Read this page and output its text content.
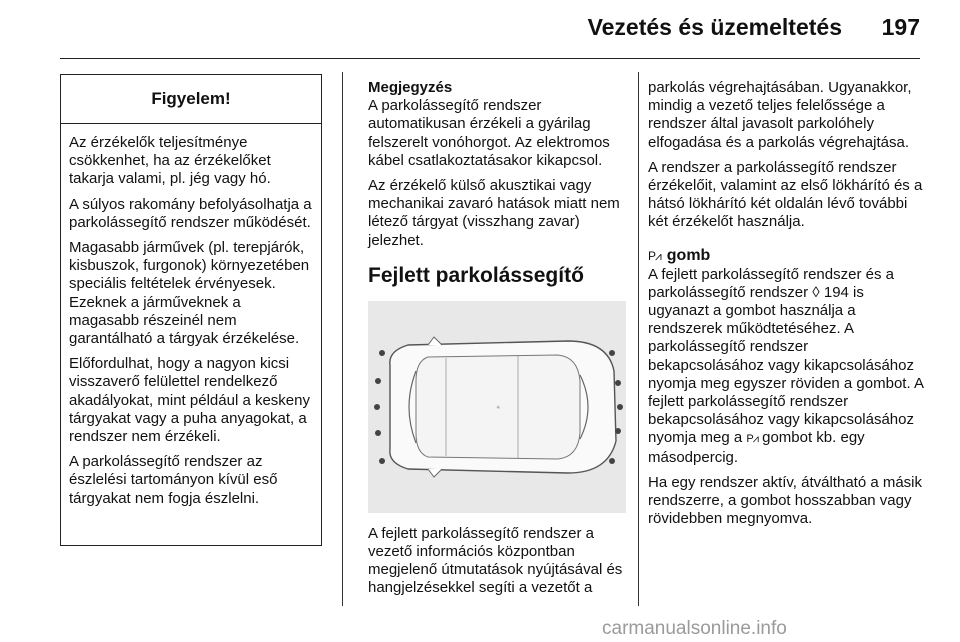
Vezetés és üzemeltetés 197
Figyelem!

Az érzékelők teljesítménye csökkenhet, ha az érzékelőket takarja valami, pl. jég vagy hó.

A súlyos rakomány befolyásolhatja a parkolássegítő rendszer működését.

Magasabb járművek (pl. terepjárók, kisbuszok, furgonok) környezetében speciális feltételek érvényesek. Ezeknek a járműveknek a magasabb részeinél nem garantálható a tárgyak érzékelése.

Előfordulhat, hogy a nagyon kicsi visszaverő felülettel rendelkező akadályokat, mint például a keskeny tárgyakat vagy a puha anyagokat, a rendszer nem érzékeli.

A parkolássegítő rendszer az észlelési tartományon kívül eső tárgyakat nem fogja észlelni.

Megjegyzés

A parkolássegítő rendszer automatikusan érzékeli a gyárilag felszerelt vonóhorgot. Az elektromos kábel csatlakoztatásakor kikapcsol.

Az érzékelő külső akusztikai vagy mechanikai zavaró hatások miatt nem létező tárgyat (visszhang zavar) jelezhet.

Fejlett parkolássegítő
✳

A fejlett parkolássegítő rendszer a vezető információs központban megjelenő útmutatások nyújtásával és hangjelzésekkel segíti a vezetőt a

parkolás végrehajtásában. Ugyanakkor, mindig a vezető teljes felelőssége a rendszer által javasolt parkolóhely elfogadása és a parkolás végrehajtása.

A rendszer a parkolássegítő rendszer érzékelőit, valamint az első lökhárító és a hátsó lökhárító két oldalán lévő további két érzékelőt használja.

P⩘ gomb

A fejlett parkolássegítő rendszer és a parkolássegítő rendszer ◊ 194 is ugyanazt a gombot használja a rendszerek működtetéséhez. A parkolássegítő rendszer bekapcsolásához vagy kikapcsolásához nyomja meg egyszer röviden a gombot. A fejlett parkolássegítő rendszer bekapcsolásához vagy kikapcsolásához nyomja meg a P⩘ gombot kb. egy másodpercig.

Ha egy rendszer aktív, átváltható a másik rendszerre, a gombot hosszabban vagy rövidebben megnyomva.

carmanualsonline.info
